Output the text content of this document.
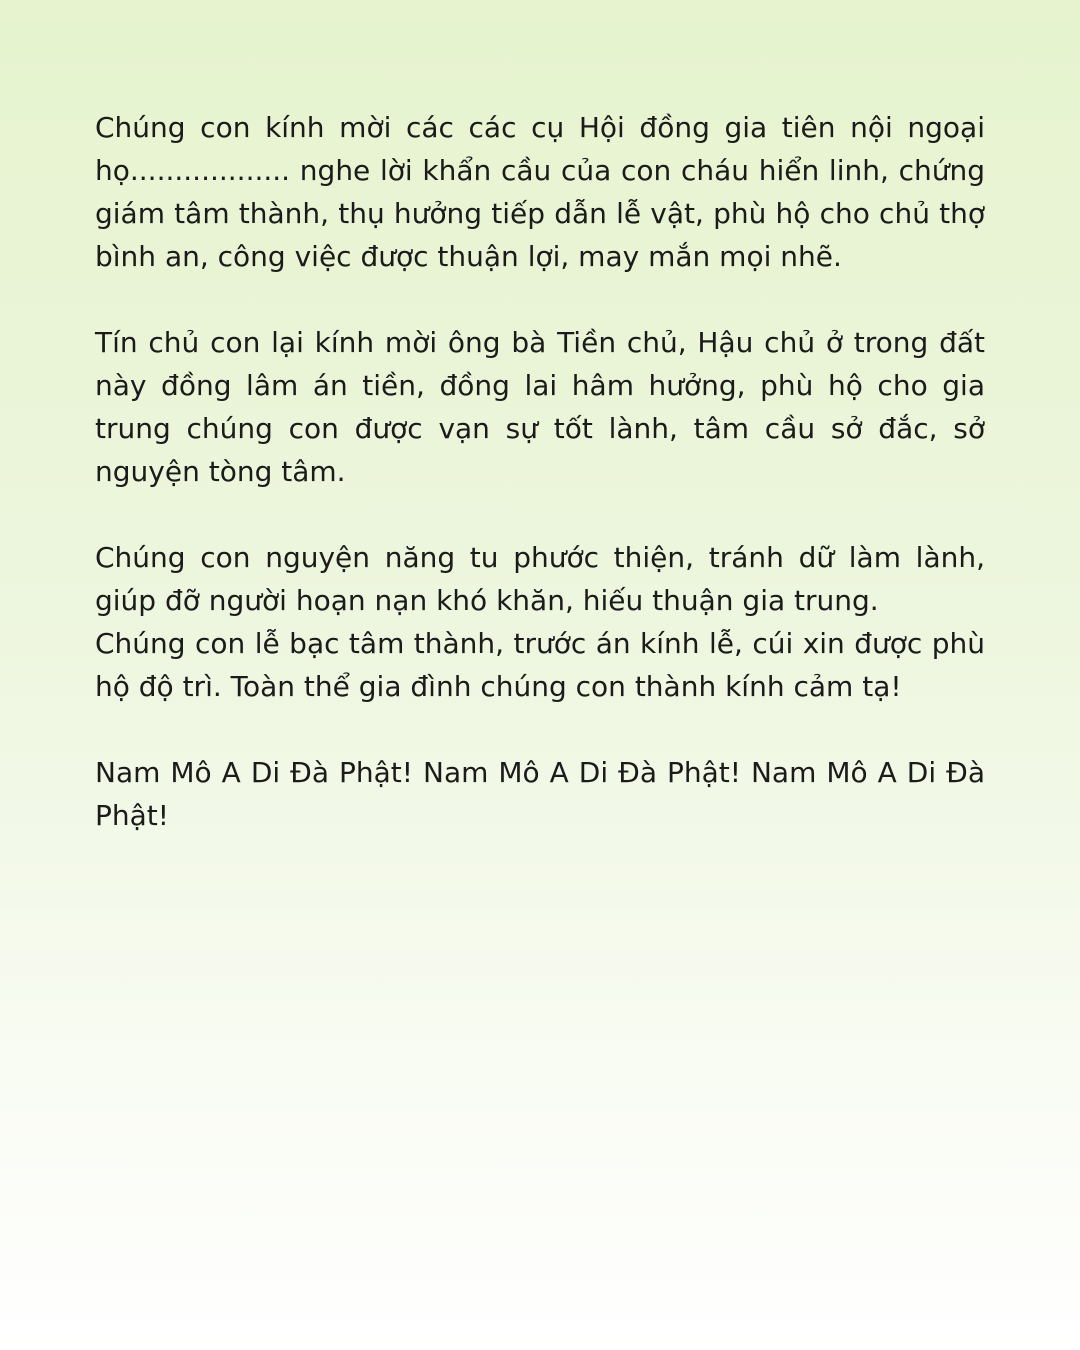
Chúng con kính mời các các cụ Hội đồng gia tiên nội ngoại họ.................. nghe lời khẩn cầu của con cháu hiển linh, chứng giám tâm thành, thụ hưởng tiếp dẫn lễ vật, phù hộ cho chủ thợ bình an, công việc được thuận lợi, may mắn mọi nhẽ.

Tín chủ con lại kính mời ông bà Tiền chủ, Hậu chủ ở trong đất này đồng lâm án tiền, đồng lai hâm hưởng, phù hộ cho gia trung chúng con được vạn sự tốt lành, tâm cầu sở đắc, sở nguyện tòng tâm.

Chúng con nguyện năng tu phước thiện, tránh dữ làm lành, giúp đỡ người hoạn nạn khó khăn, hiếu thuận gia trung.

Chúng con lễ bạc tâm thành, trước án kính lễ, cúi xin được phù hộ độ trì. Toàn thể gia đình chúng con thành kính cảm tạ!

Nam Mô A Di Đà Phật! Nam Mô A Di Đà Phật! Nam Mô A Di Đà Phật!
